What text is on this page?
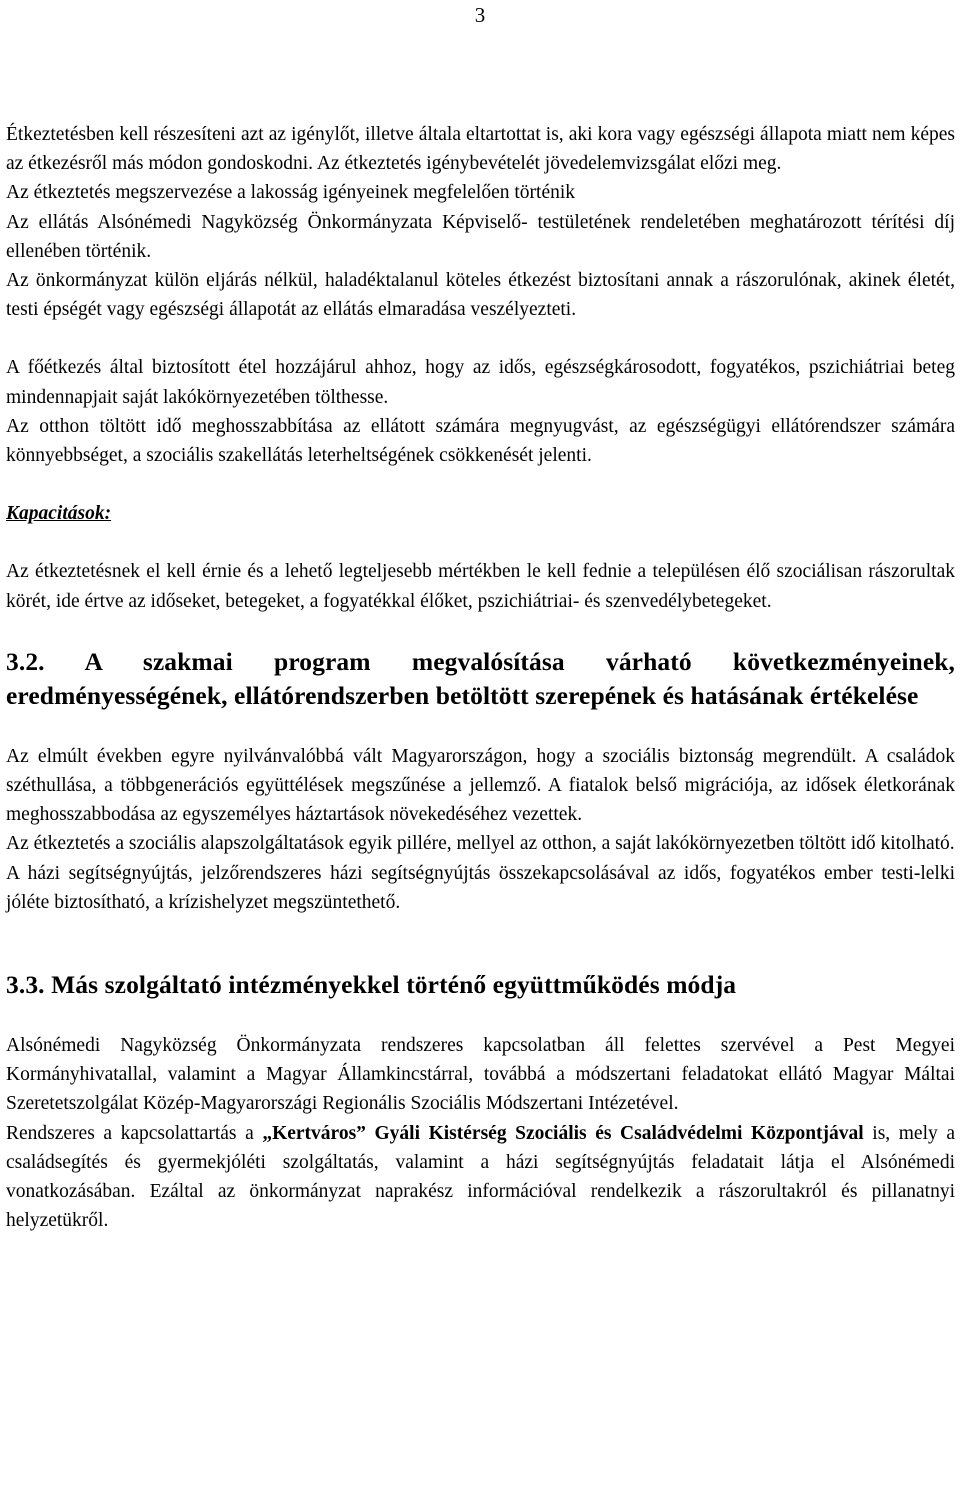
3

Étkeztetésben kell részesíteni azt az igénylőt, illetve általa eltartottat is, aki kora vagy egészségi állapota miatt nem képes az étkezésről más módon gondoskodni. Az étkeztetés igénybevételét jövedelemvizsgálat előzi meg.

Az étkeztetés megszervezése a lakosság igényeinek megfelelően történik

Az ellátás Alsónémedi Nagyközség Önkormányzata Képviselő- testületének rendeletében meghatározott térítési díj ellenében történik.

Az önkormányzat külön eljárás nélkül, haladéktalanul köteles étkezést biztosítani annak a rászorulónak, akinek életét, testi épségét vagy egészségi állapotát az ellátás elmaradása veszélyezteti.

A főétkezés által biztosított étel hozzájárul ahhoz, hogy az idős, egészségkárosodott, fogyatékos, pszichiátriai beteg mindennapjait saját lakókörnyezetében tölthesse.

Az otthon töltött idő meghosszabbítása az ellátott számára megnyugvást, az egészségügyi ellátórendszer számára könnyebbséget, a szociális szakellátás leterheltségének csökkenését jelenti.

Kapacitások:

Az étkeztetésnek el kell érnie és a lehető legteljesebb mértékben le kell fednie a településen élő szociálisan rászorultak körét, ide értve az időseket, betegeket, a fogyatékkal élőket, pszichiátriai- és szenvedélybetegeket.

3.2. A szakmai program megvalósítása várható következményeinek, eredményességének, ellátórendszerben betöltött szerepének és hatásának értékelése

Az elmúlt években egyre nyilvánvalóbbá vált Magyarországon, hogy a szociális biztonság megrendült. A családok széthullása, a többgenerációs együttélések megszűnése a jellemző. A fiatalok belső migrációja, az idősek életkorának meghosszabbodása az egyszemélyes háztartások növekedéséhez vezettek.

Az étkeztetés a szociális alapszolgáltatások egyik pillére, mellyel az otthon, a saját lakókörnyezetben töltött idő kitolható.

A házi segítségnyújtás, jelzőrendszeres házi segítségnyújtás összekapcsolásával az idős, fogyatékos ember testi-lelki jóléte biztosítható, a krízishelyzet megszüntethető.

3.3. Más szolgáltató intézményekkel történő együttműködés módja

Alsónémedi Nagyközség Önkormányzata rendszeres kapcsolatban áll felettes szervével a Pest Megyei Kormányhivatallal, valamint a Magyar Államkincstárral, továbbá a módszertani feladatokat ellátó Magyar Máltai Szeretetszolgálat Közép-Magyarországi Regionális Szociális Módszertani Intézetével.

Rendszeres a kapcsolattartás a „Kertváros” Gyáli Kistérség Szociális és Családvédelmi Központjával is, mely a családsegítés és gyermekjóléti szolgáltatás, valamint a házi segítségnyújtás feladatait látja el Alsónémedi vonatkozásában. Ezáltal az önkormányzat naprakész információval rendelkezik a rászorultakról és pillanatnyi helyzetükről.
